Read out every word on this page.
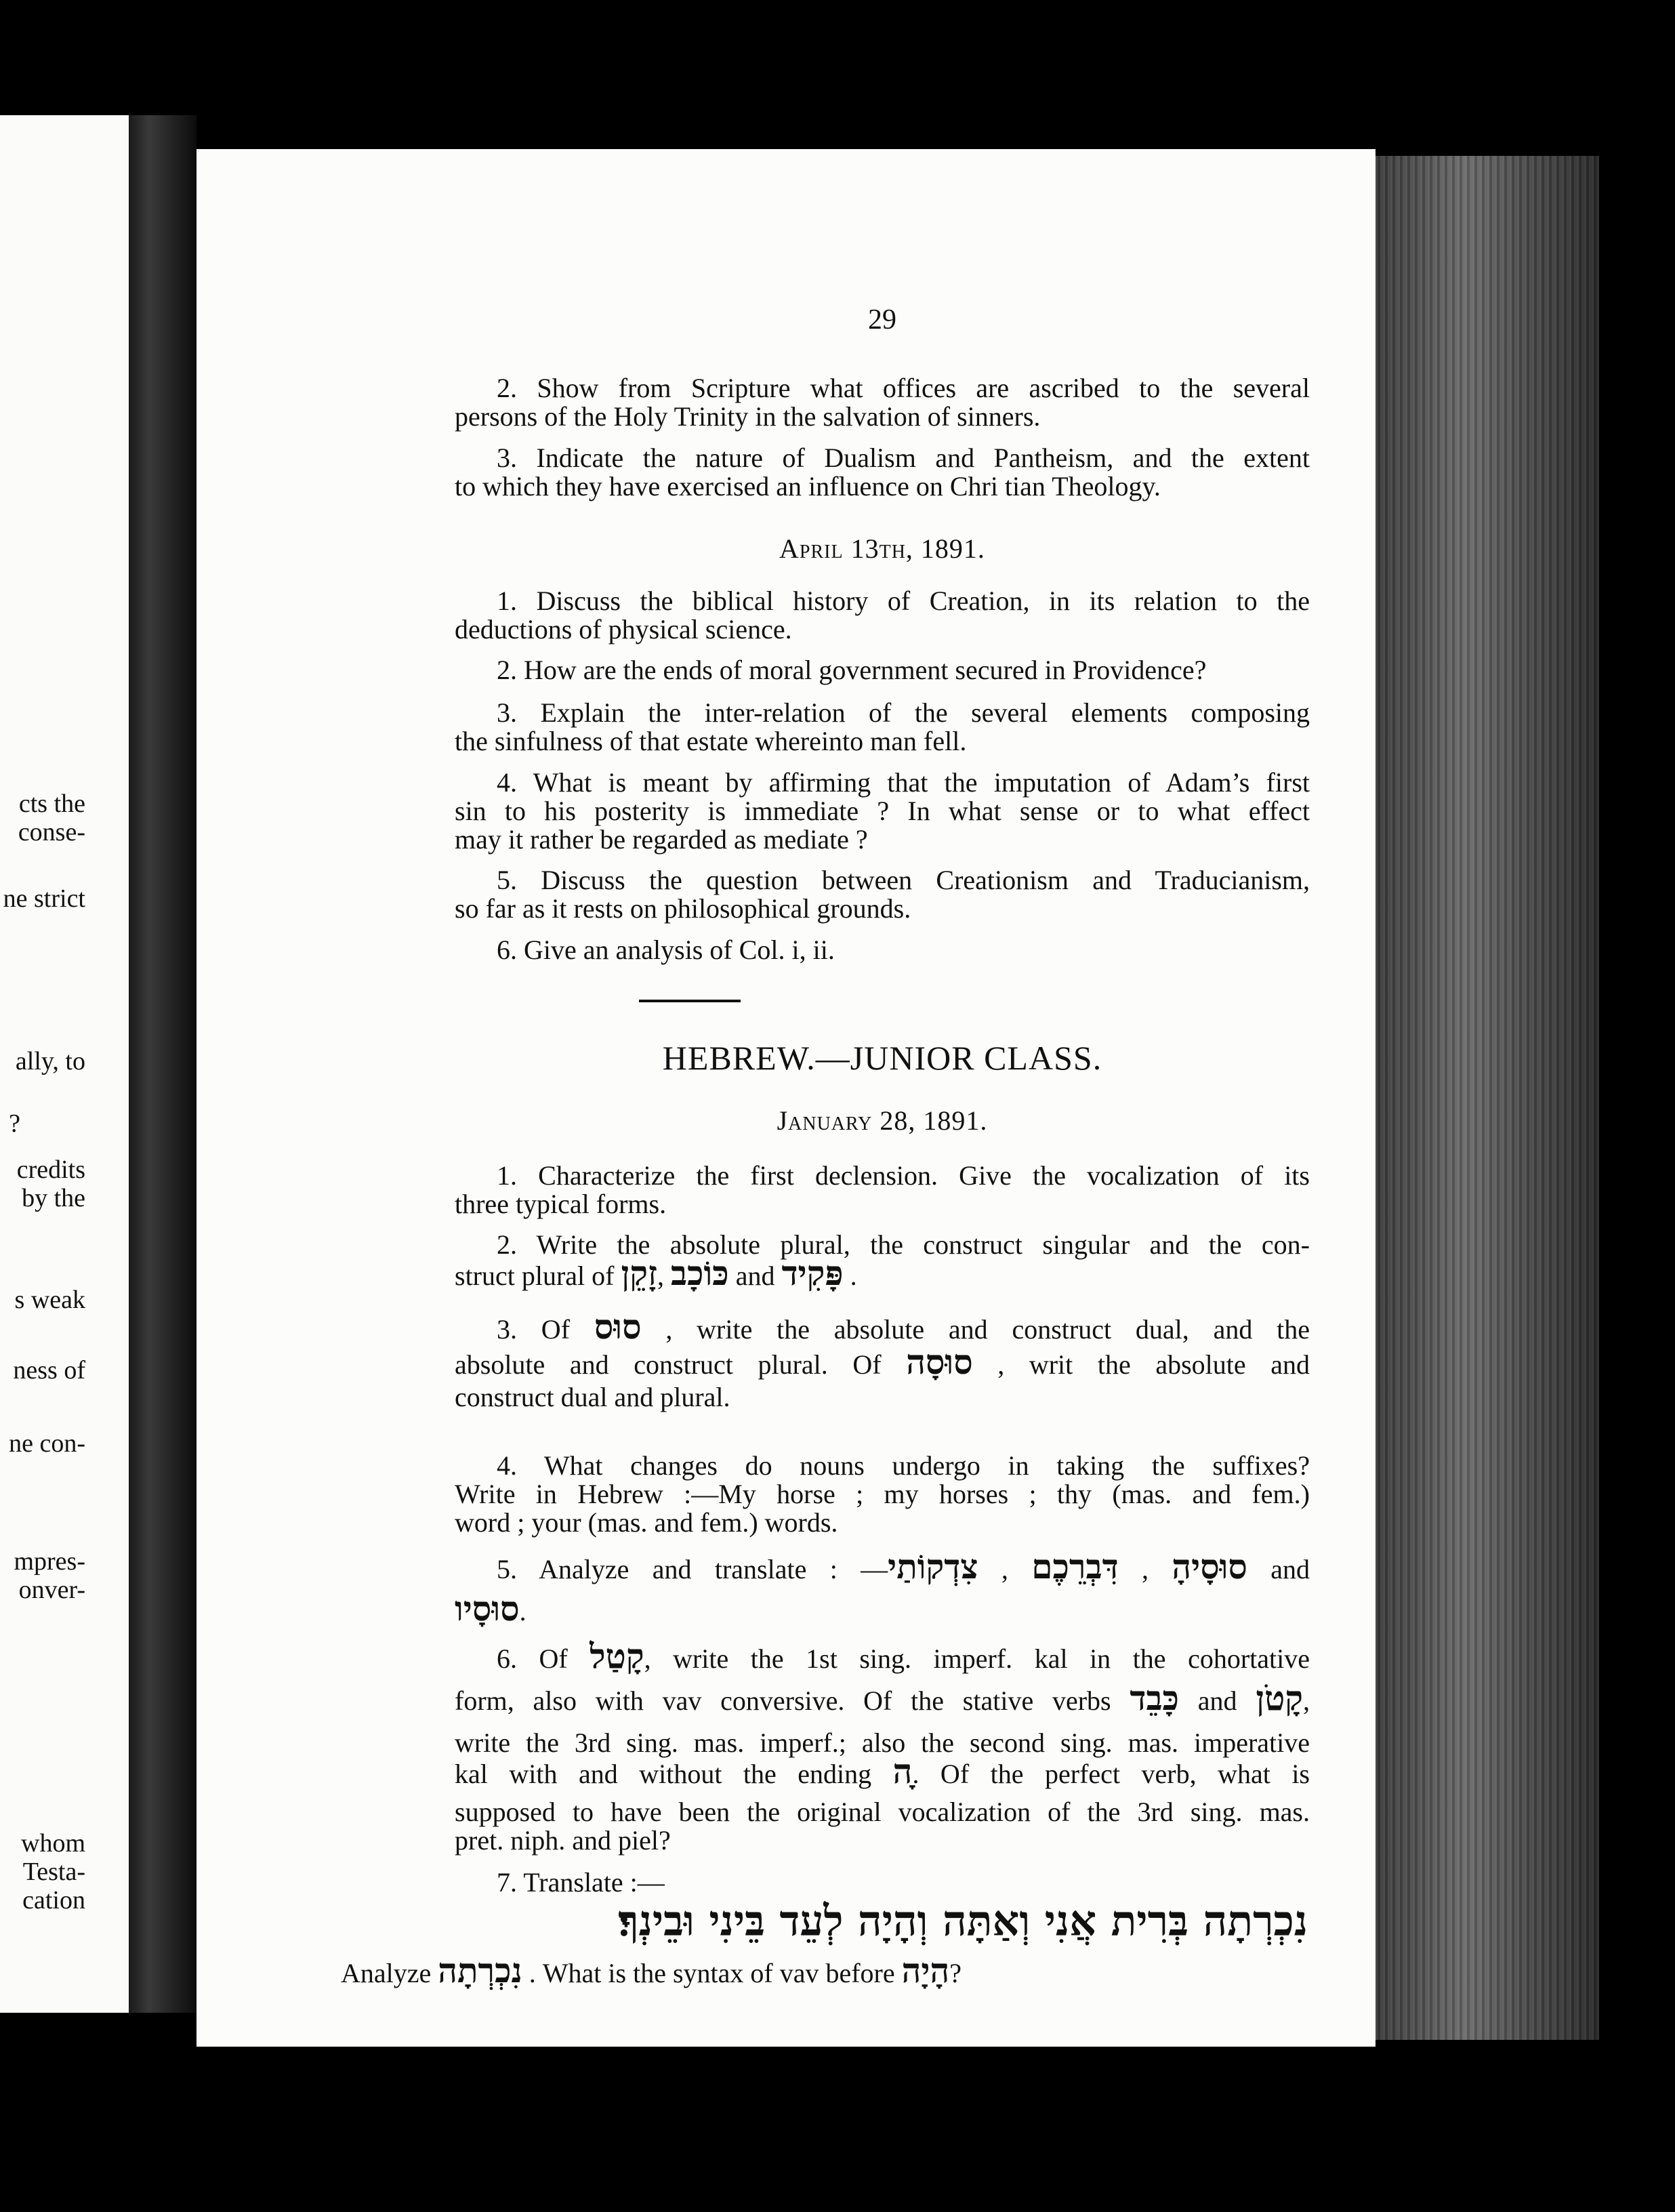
cts the
conse-
ne strict
ally, to
?
credits
by the
s weak
ness of
ne con-
mpres-
onver-
whom
Testa-
cation
29
2. Show from Scripture what offices are ascribed to the several
persons of the Holy Trinity in the salvation of sinners.
3. Indicate the nature of Dualism and Pantheism, and the extent
to which they have exercised an influence on Chri tian Theology.
April 13th, 1891.
1. Discuss the biblical history of Creation, in its relation to the
deductions of physical science.
2. How are the ends of moral government secured in Providence?
3. Explain the inter-relation of the several elements composing
the sinfulness of that estate whereinto man fell.
4. What is meant by affirming that the imputation of Adam’s first
sin to his posterity is immediate ? In what sense or to what effect
may it rather be regarded as mediate ?
5. Discuss the question between Creationism and Traducianism,
so far as it rests on philosophical grounds.
6. Give an analysis of Col. i, ii.
HEBREW.—JUNIOR CLASS.
January 28, 1891.
1. Characterize the first declension. Give the vocalization of its
three typical forms.
2. Write the absolute plural, the construct singular and the con-
struct plural of זָקֵן, כּוֹכָב and פָּקִיד .
3. Of סוּס , write the absolute and construct dual, and the
absolute and construct plural. Of סוּסָה , writ the absolute and
construct dual and plural.
4. What changes do nouns undergo in taking the suffixes?
Write in Hebrew :—My horse ; my horses ; thy (mas. and fem.)
word ; your (mas. and fem.) words.
5. Analyze and translate : —צִדְקוֹתַי , דִּבְרֵכֶם , סוּסָיהָ and
סוּסָיו.
6. Of קָטַל, write the 1st sing. imperf. kal in the cohortative
form, also with vav conversive. Of the stative verbs כָּבֵד and קָטֹן,
write the 3rd sing. mas. imperf.; also the second sing. mas. imperative
kal with and without the ending ָה. Of the perfect verb, what is
supposed to have been the original vocalization of the 3rd sing. mas.
pret. niph. and piel?
7. Translate :—
נִכְרְתָה בְּרִית אֲנִי וְאַתָּה וְהָיָה לְעֵד בֵּינִי וּבֵינְךָ׃
Analyze נִכְרְתָה . What is the syntax of vav before הָיָה?
